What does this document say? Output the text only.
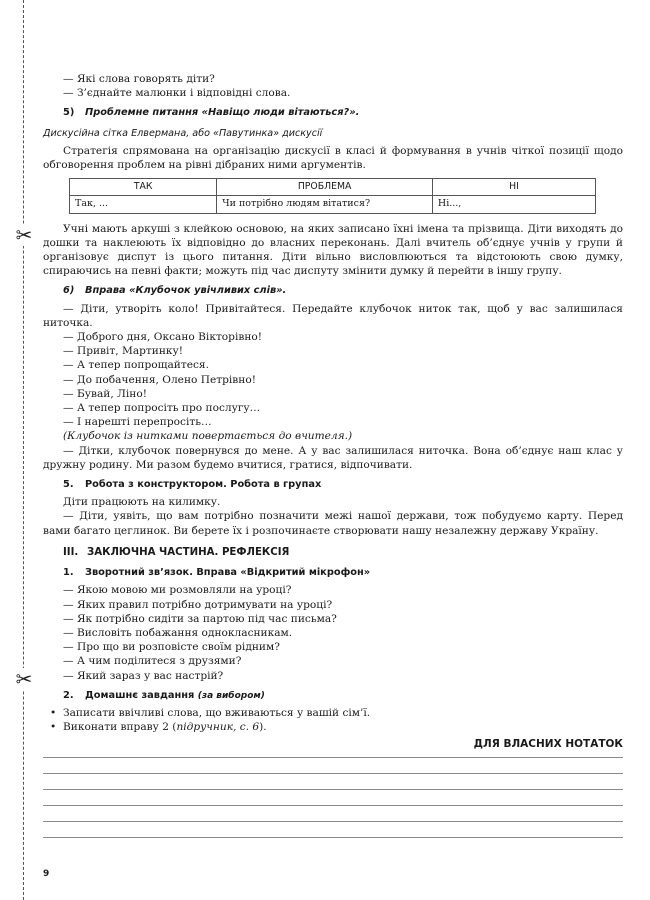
✂
✂

— Які слова говорять діти?

— З’єднайте малюнки і відповідні слова.

5) Проблемне питання «Навіщо люди вітаються?».
Дискусійна сітка Елвермана, або «Павутинка» дискусії

Стратегія спрямована на організацію дискусії в класі й формування в учнів чіткої позиції щодо обговорення проблем на рівні дібраних ними аргументів.

ТАК	ПРОБЛЕМА	НІ
Так, ...	Чи потрібно людям вітатися?	Ні...,

Учні мають аркуші з клейкою основою, на яких записано їхні імена та прізвища. Діти виходять до дошки та наклеюють їх відповідно до власних переконань. Далі вчитель об’єднує учнів у групи й організовує диспут із цього питання. Діти вільно висловлюються та відстоюють свою думку, спираючись на певні факти; можуть під час диспуту змінити думку й перейти в іншу групу.

6) Вправа «Клубочок увічливих слів».

— Діти, утворіть коло! Привітайтеся. Передайте клубочок ниток так, щоб у вас залишилася ниточка.

— Доброго дня, Оксано Вікторівно!

— Привіт, Мартинку!

— А тепер попрощайтеся.

— До побачення, Олено Петрівно!

— Бувай, Ліно!

— А тепер попросіть про послугу…

— І нарешті перепросіть…

(Клубочок із нитками повертається до вчителя.)

— Дітки, клубочок повернувся до мене. А у вас залишилася ниточка. Вона об’єднує наш клас у дружну родину. Ми разом будемо вчитися, гратися, відпочивати.

5. Робота з конструктором. Робота в групах

Діти працюють на килимку.

— Діти, уявіть, що вам потрібно позначити межі нашої держави, тож побудуємо карту. Перед вами багато цеглинок. Ви берете їх і розпочинаєте створювати нашу незалежну державу Україну.

III. ЗАКЛЮЧНА ЧАСТИНА. РЕФЛЕКСІЯ
1. Зворотний зв’язок. Вправа «Відкритий мікрофон»

— Якою мовою ми розмовляли на уроці?

— Яких правил потрібно дотримувати на уроці?

— Як потрібно сидіти за партою під час письма?

— Висловіть побажання однокласникам.

— Про що ви розповісте своїм рідним?

— А чим поділитеся з друзями?

— Який зараз у вас настрій?

2. Домашнє завдання (за вибором)
• Записати ввічливі слова, що вживаються у вашій сім’ї.
• Виконати вправу 2 (підручник, с. 6).
ДЛЯ ВЛАСНИХ НОТАТОК
9
